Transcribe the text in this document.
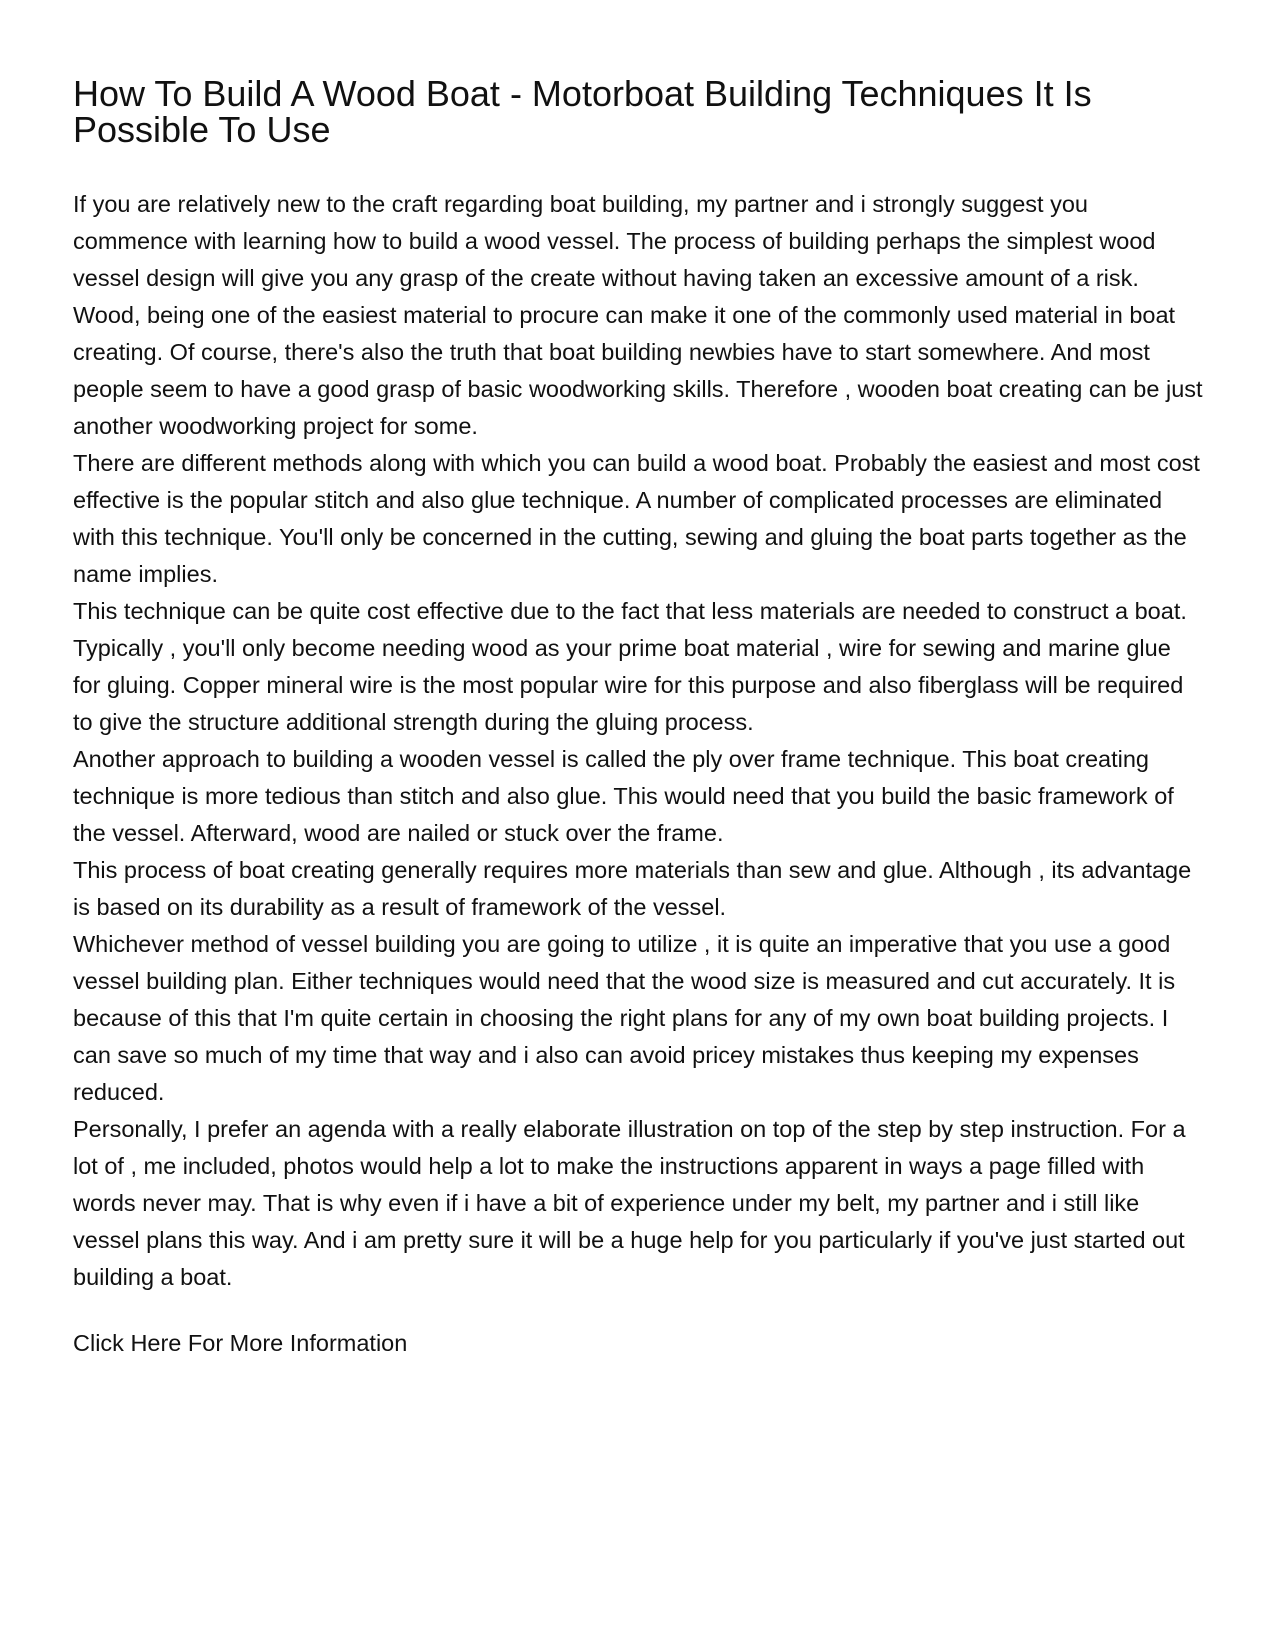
How To Build A Wood Boat - Motorboat Building Techniques It Is Possible To Use

If you are relatively new to the craft regarding boat building, my partner and i strongly suggest you commence with learning how to build a wood vessel. The process of building perhaps the simplest wood vessel design will give you any grasp of the create without having taken an excessive amount of a risk.

Wood, being one of the easiest material to procure can make it one of the commonly used material in boat creating. Of course, there's also the truth that boat building newbies have to start somewhere. And most people seem to have a good grasp of basic woodworking skills. Therefore , wooden boat creating can be just another woodworking project for some.

There are different methods along with which you can build a wood boat. Probably the easiest and most cost effective is the popular stitch and also glue technique. A number of complicated processes are eliminated with this technique. You'll only be concerned in the cutting, sewing and gluing the boat parts together as the name implies.

This technique can be quite cost effective due to the fact that less materials are needed to construct a boat. Typically , you'll only become needing wood as your prime boat material , wire for sewing and marine glue for gluing. Copper mineral wire is the most popular wire for this purpose and also fiberglass will be required to give the structure additional strength during the gluing process.

Another approach to building a wooden vessel is called the ply over frame technique. This boat creating technique is more tedious than stitch and also glue. This would need that you build the basic framework of the vessel. Afterward, wood are nailed or stuck over the frame.

This process of boat creating generally requires more materials than sew and glue. Although , its advantage is based on its durability as a result of framework of the vessel.

Whichever method of vessel building you are going to utilize , it is quite an imperative that you use a good vessel building plan. Either techniques would need that the wood size is measured and cut accurately. It is because of this that I'm quite certain in choosing the right plans for any of my own boat building projects. I can save so much of my time that way and i also can avoid pricey mistakes thus keeping my expenses reduced.

Personally, I prefer an agenda with a really elaborate illustration on top of the step by step instruction. For a lot of , me included, photos would help a lot to make the instructions apparent in ways a page filled with words never may. That is why even if i have a bit of experience under my belt, my partner and i still like vessel plans this way. And i am pretty sure it will be a huge help for you particularly if you've just started out building a boat.

Click Here For More Information
